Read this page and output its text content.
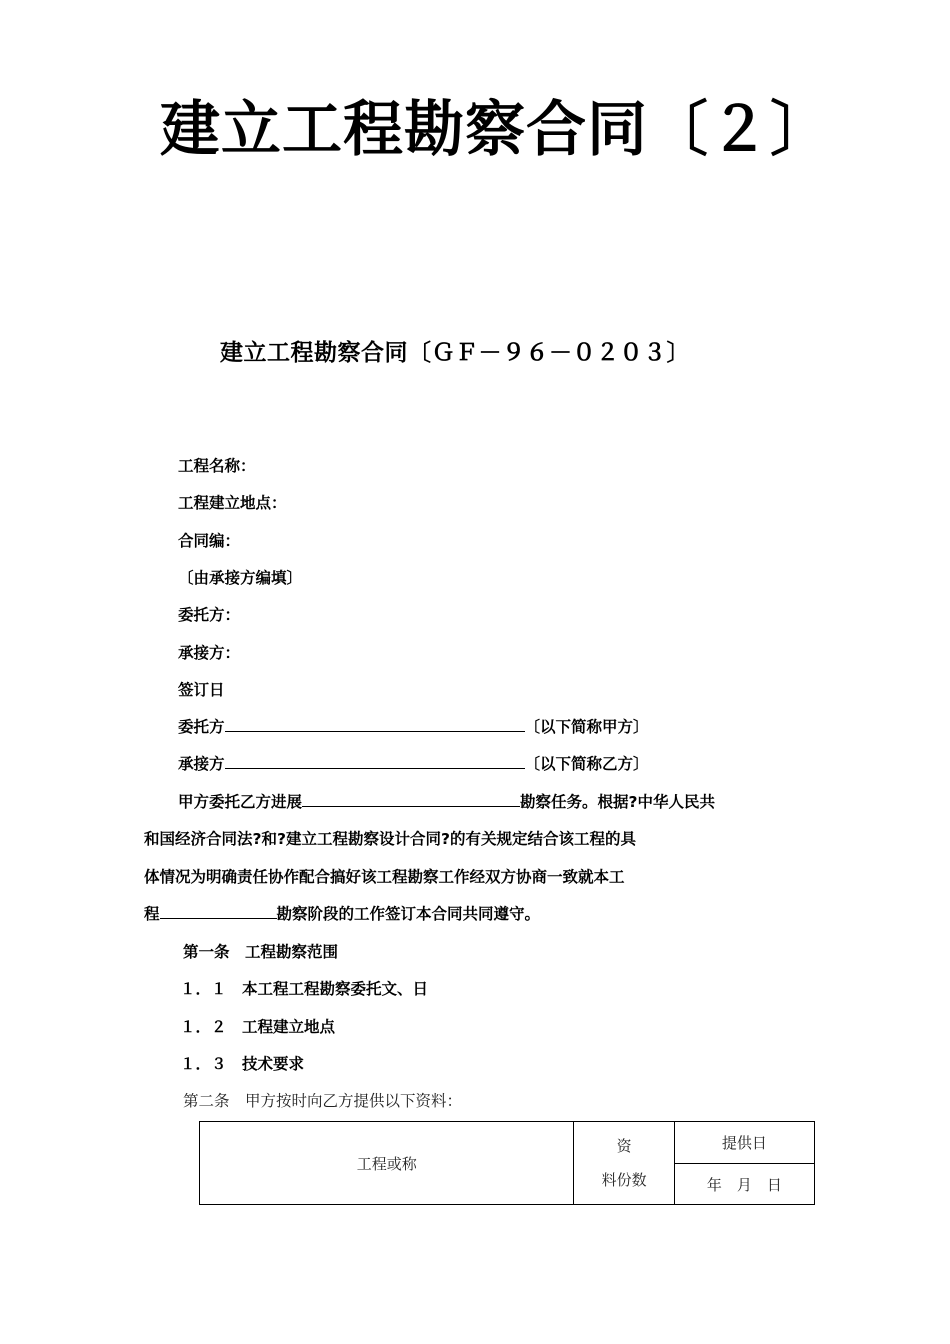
建立工程勘察合同〔２〕
建立工程勘察合同〔ＧＦ－９６－０２０３〕
工程名称：
工程建立地点：
合同编：
〔由承接方编填〕
委托方：
承接方：
签订日
委托方	〔以下简称甲方〕
承接方	〔以下简称乙方〕
甲方委托乙方进展	勘察任务。根据?中华人民共
和国经济合同法?和?建立工程勘察设计合同?的有关规定结合该工程的具
体情况为明确责任协作配合搞好该工程勘察工作经双方协商一致就本工
程	勘察阶段的工作签订本合同共同遵守。
第一条　工程勘察范围
１．１　本工程工程勘察委托文、日
１．２　工程建立地点
１．３　技术要求
第二条　甲方按时向乙方提供以下资料：
工程或称	
资
料份数
	提供日
年　月　日
